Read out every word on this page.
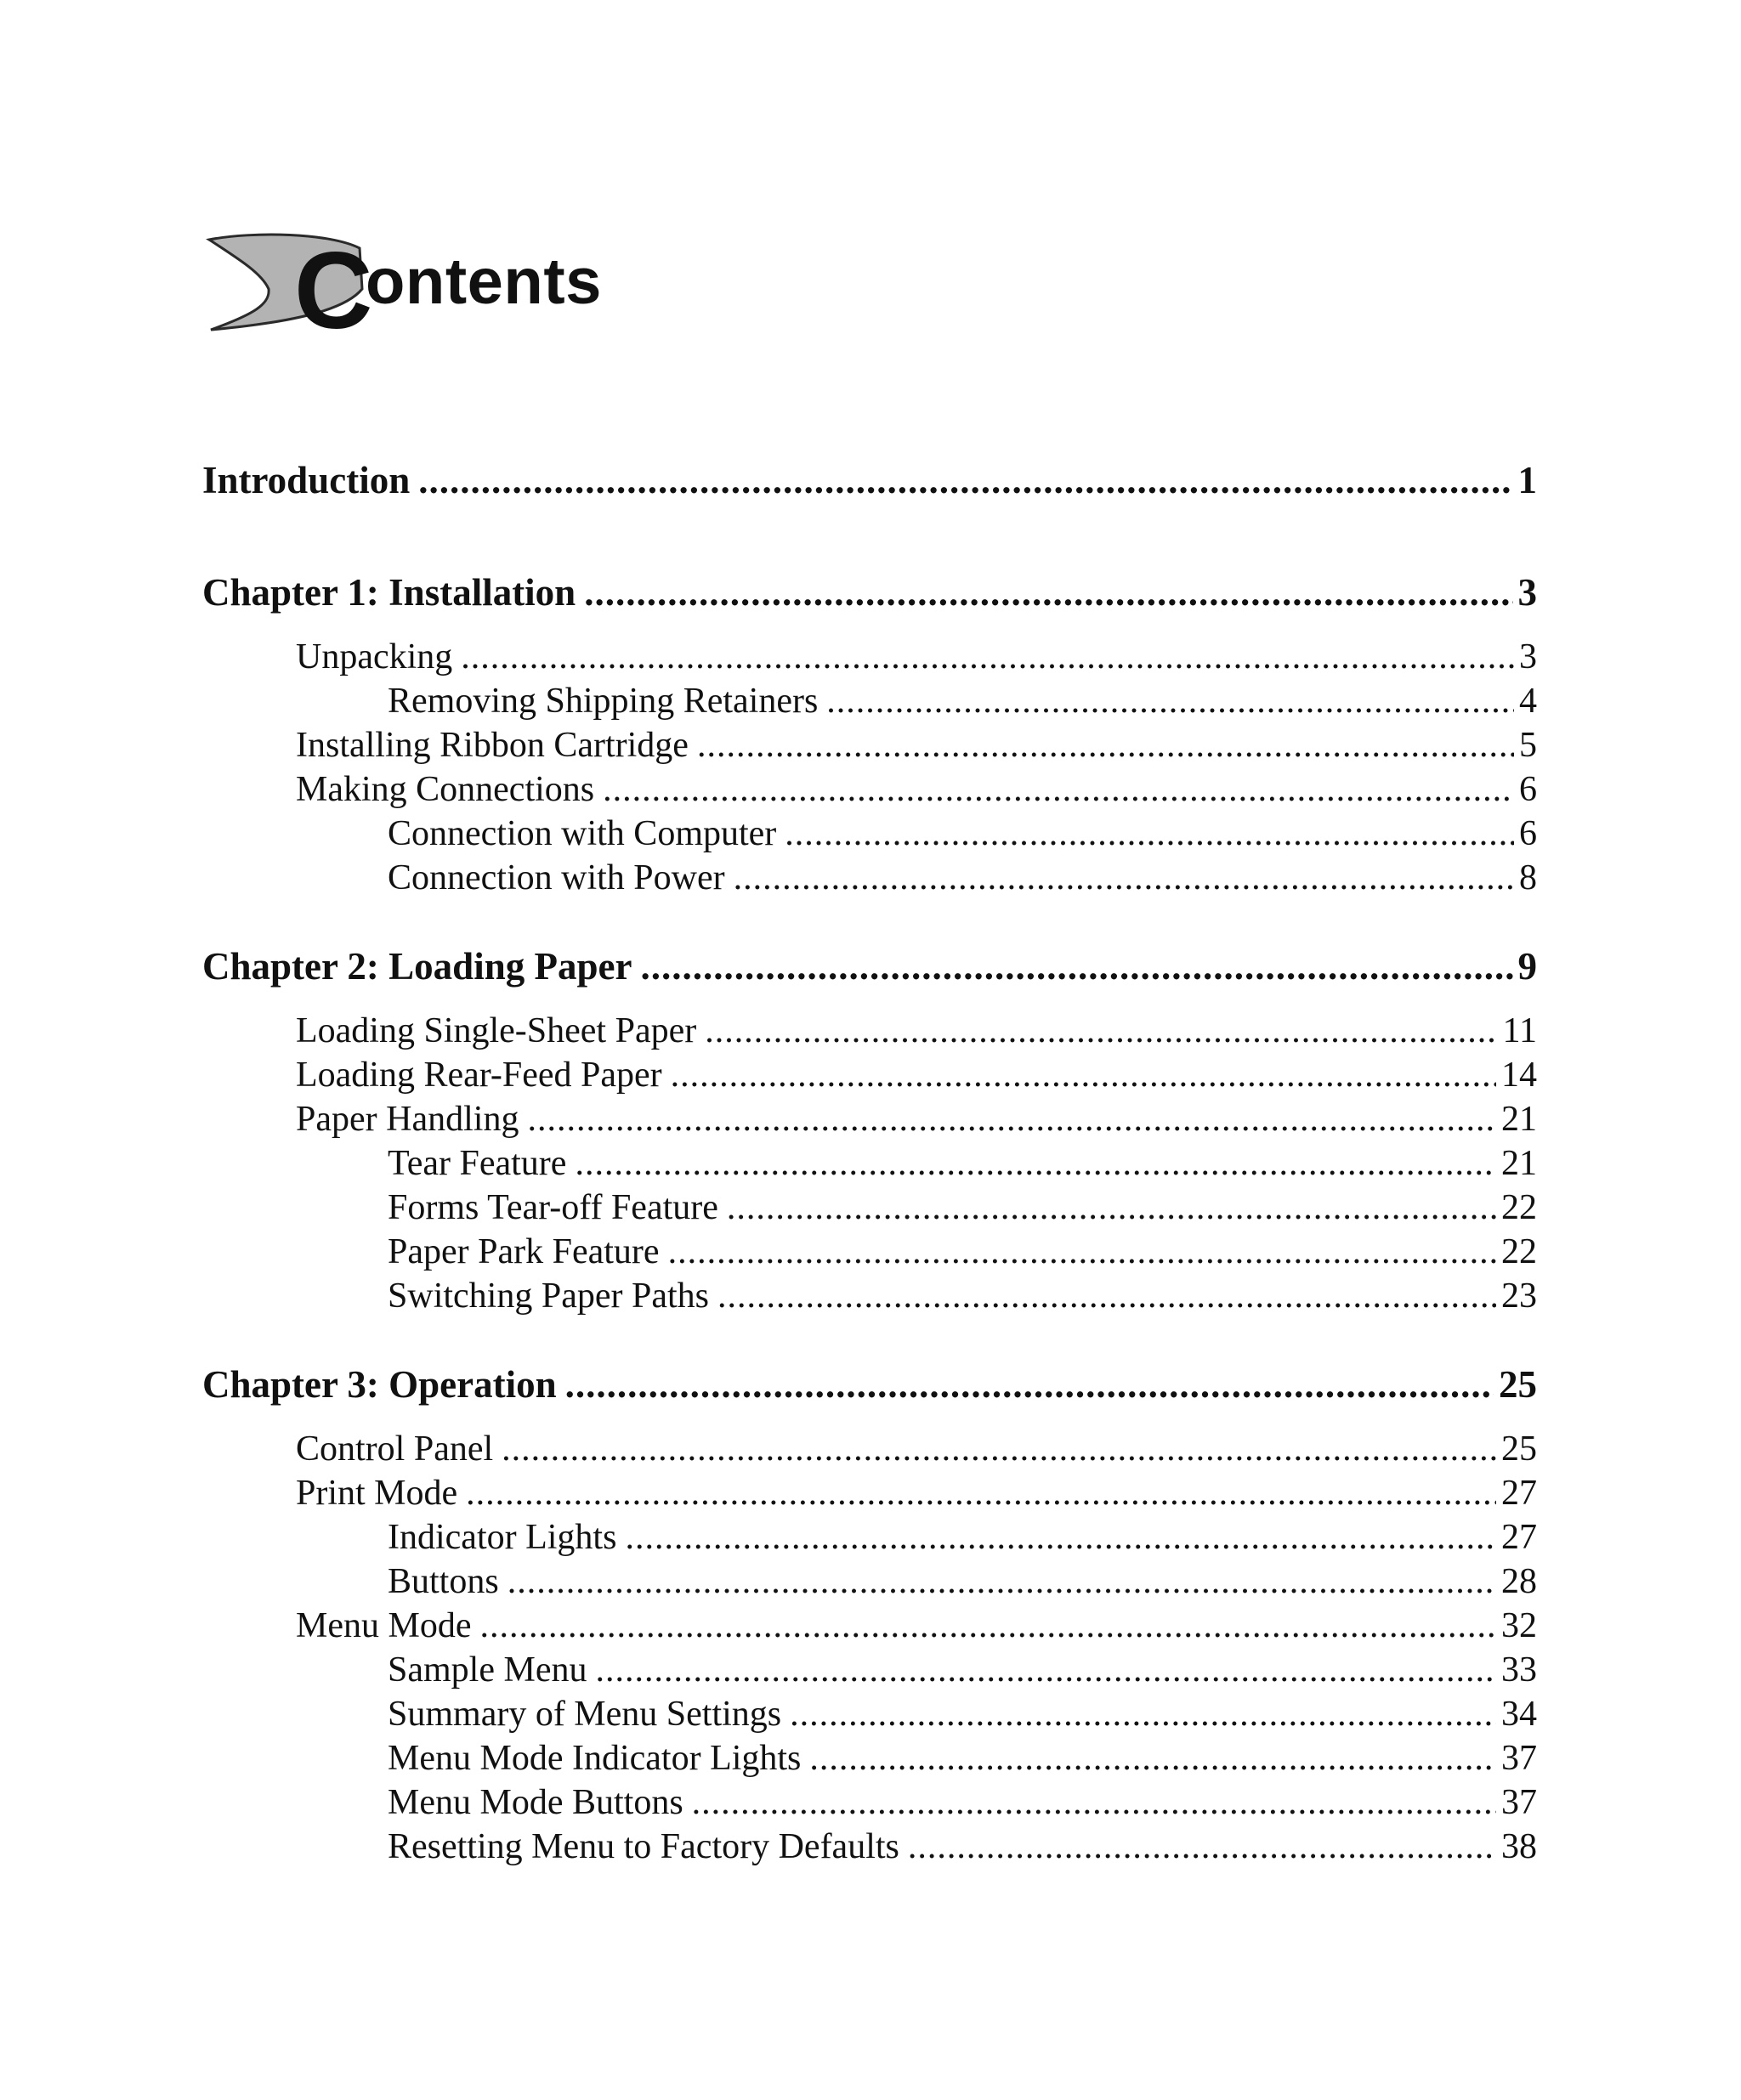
C
ontents
Introduction .....	1
Chapter 1: Installation .....	3
Unpacking .....	3
Removing Shipping Retainers .....	4
Installing Ribbon Cartridge .....	5
Making Connections .....	6
Connection with Computer .....	6
Connection with Power .....	8
Chapter 2: Loading Paper .....	9
Loading Single-Sheet Paper .....	11
Loading Rear-Feed Paper .....	14
Paper Handling .....	21
Tear Feature .....	21
Forms Tear-off Feature .....	22
Paper Park Feature .....	22
Switching Paper Paths .....	23
Chapter 3: Operation .....	25
Control Panel .....	25
Print Mode .....	27
Indicator Lights .....	27
Buttons .....	28
Menu Mode .....	32
Sample Menu .....	33
Summary of Menu Settings .....	34
Menu Mode Indicator Lights .....	37
Menu Mode Buttons .....	37
Resetting Menu to Factory Defaults .....	38
